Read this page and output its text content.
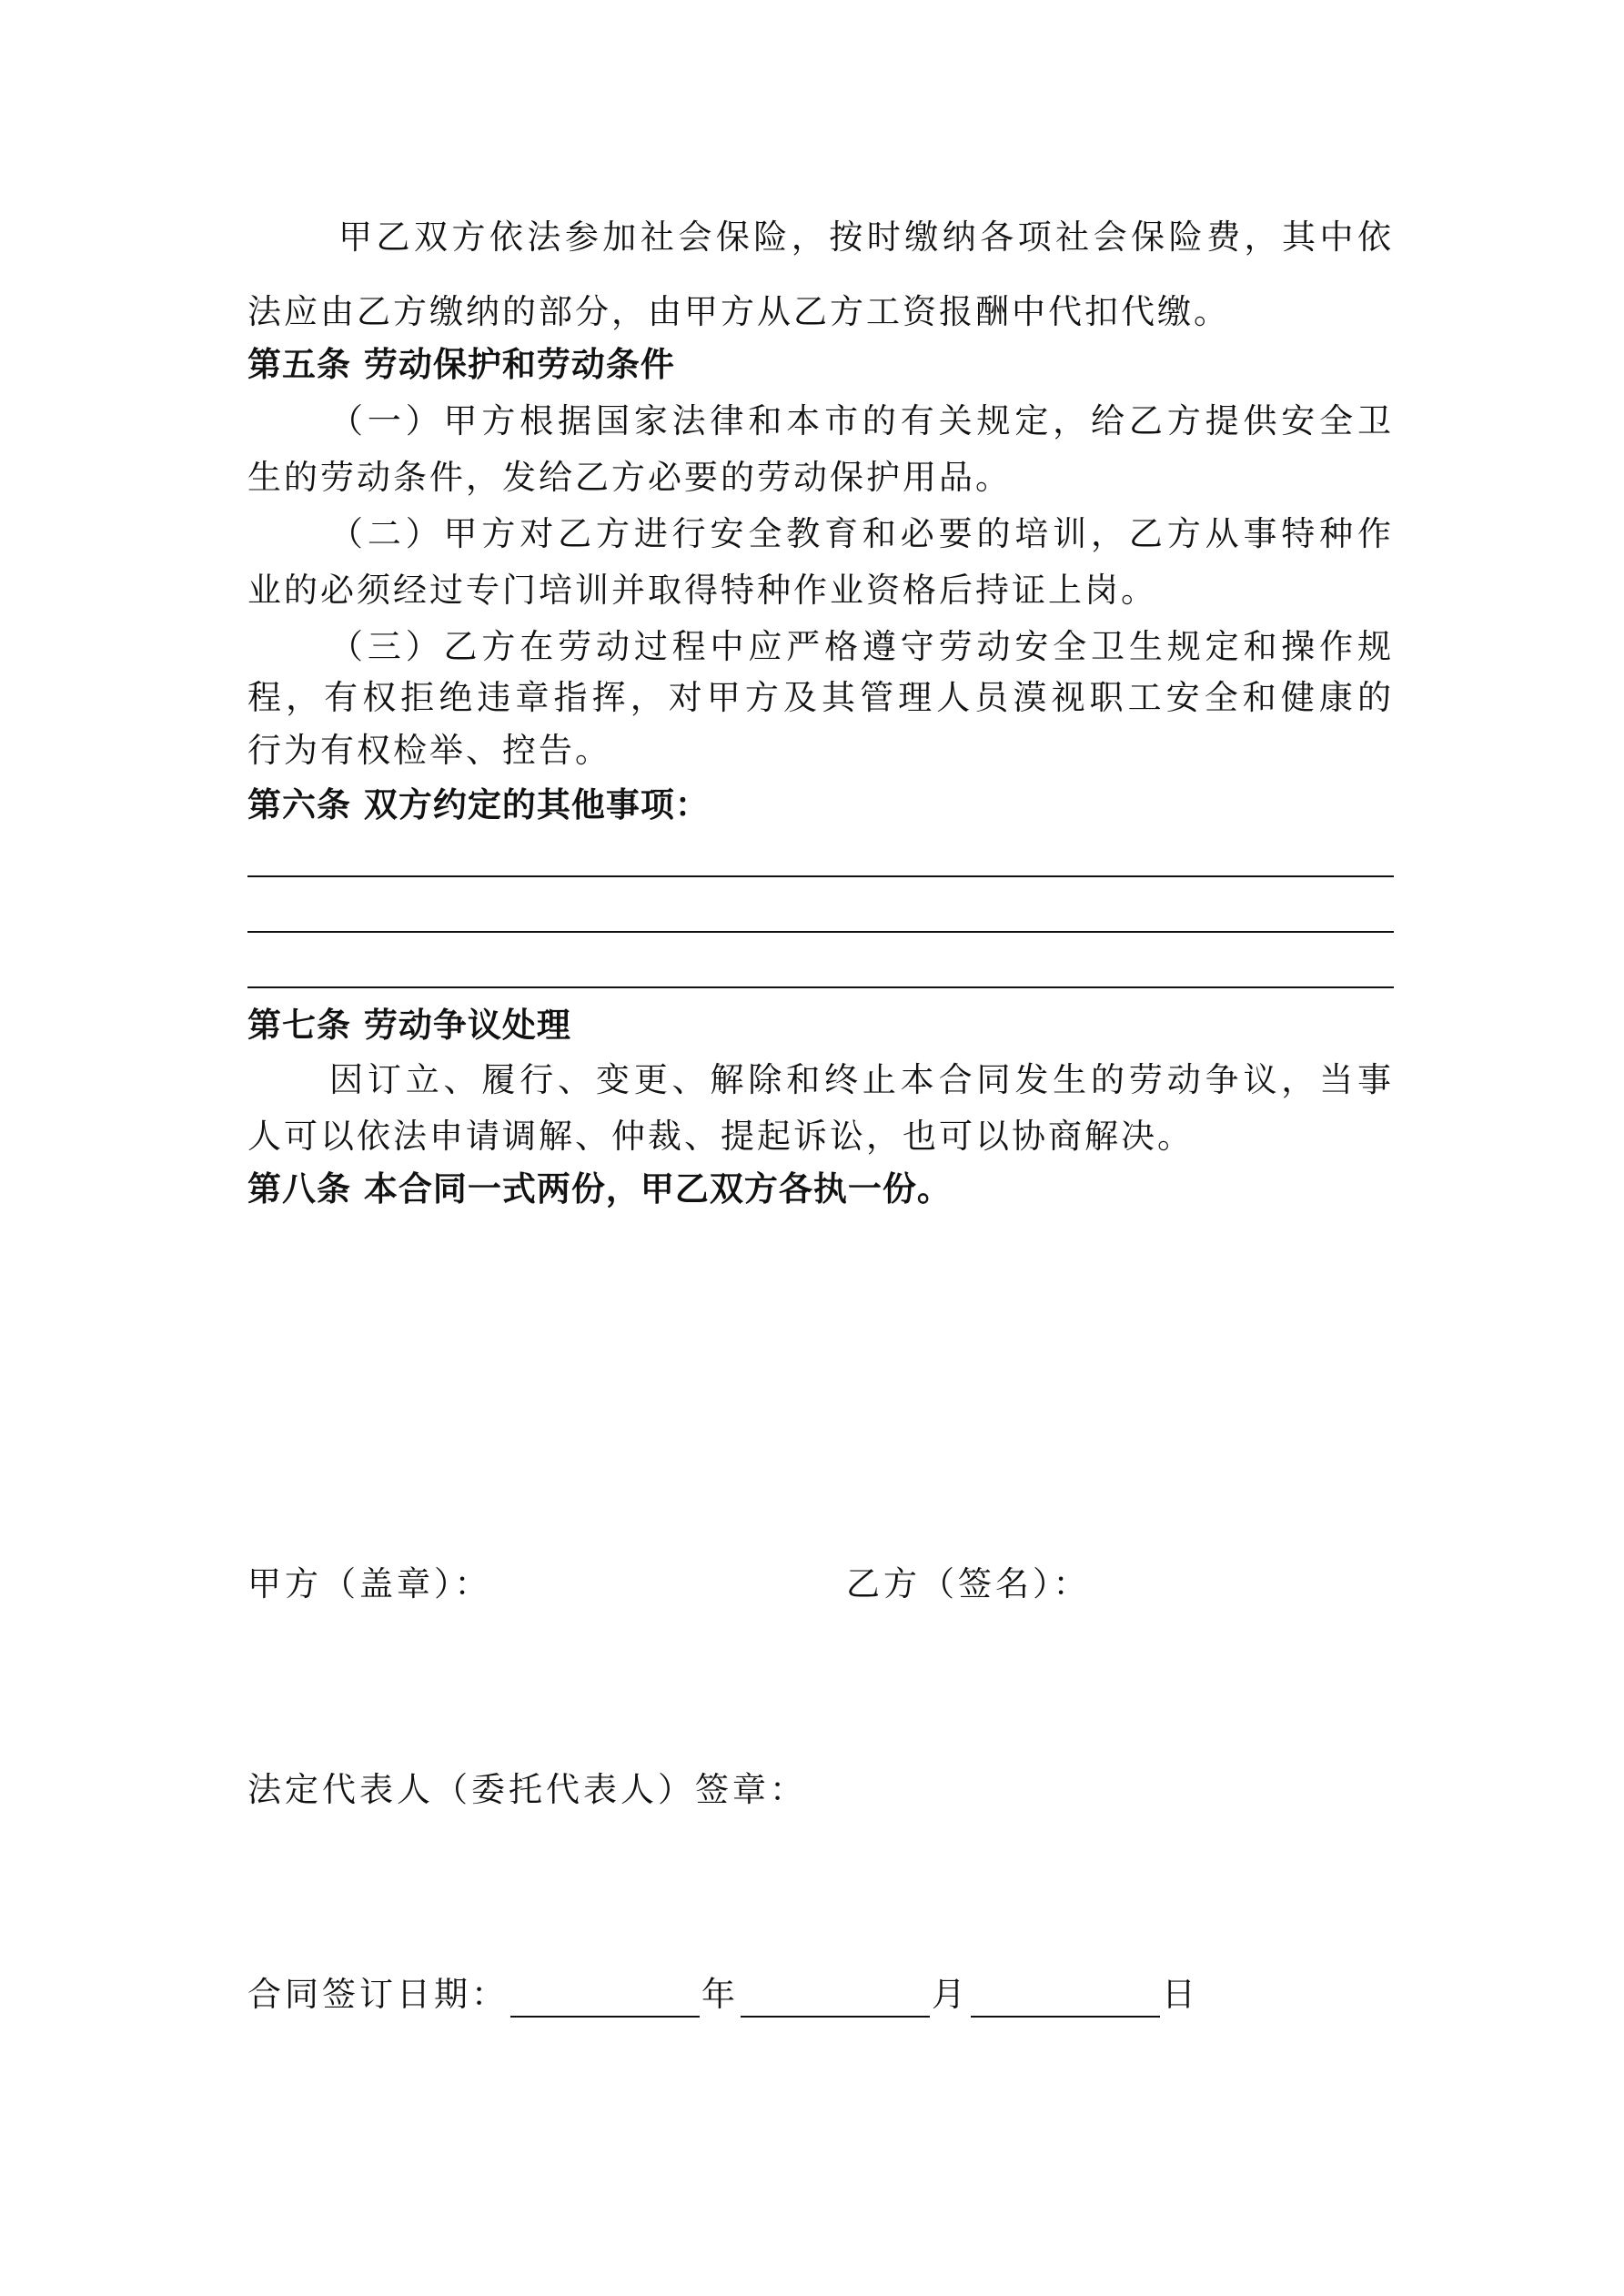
甲乙双方依法参加社会保险，按时缴纳各项社会保险费，其中依
法应由乙方缴纳的部分，由甲方从乙方工资报酬中代扣代缴。
第五条 劳动保护和劳动条件
（一）甲方根据国家法律和本市的有关规定，给乙方提供安全卫
生的劳动条件，发给乙方必要的劳动保护用品。
（二）甲方对乙方进行安全教育和必要的培训，乙方从事特种作
业的必须经过专门培训并取得特种作业资格后持证上岗。
（三）乙方在劳动过程中应严格遵守劳动安全卫生规定和操作规
程，有权拒绝违章指挥，对甲方及其管理人员漠视职工安全和健康的
行为有权检举、控告。
第六条 双方约定的其他事项：
第七条 劳动争议处理
因订立、履行、变更、解除和终止本合同发生的劳动争议，当事
人可以依法申请调解、仲裁、提起诉讼，也可以协商解决。
第八条 本合同一式两份，甲乙双方各执一份。
甲方（盖章）：	乙方（签名）：
法定代表人（委托代表人）签章：
合同签订日期：	年	月	日
